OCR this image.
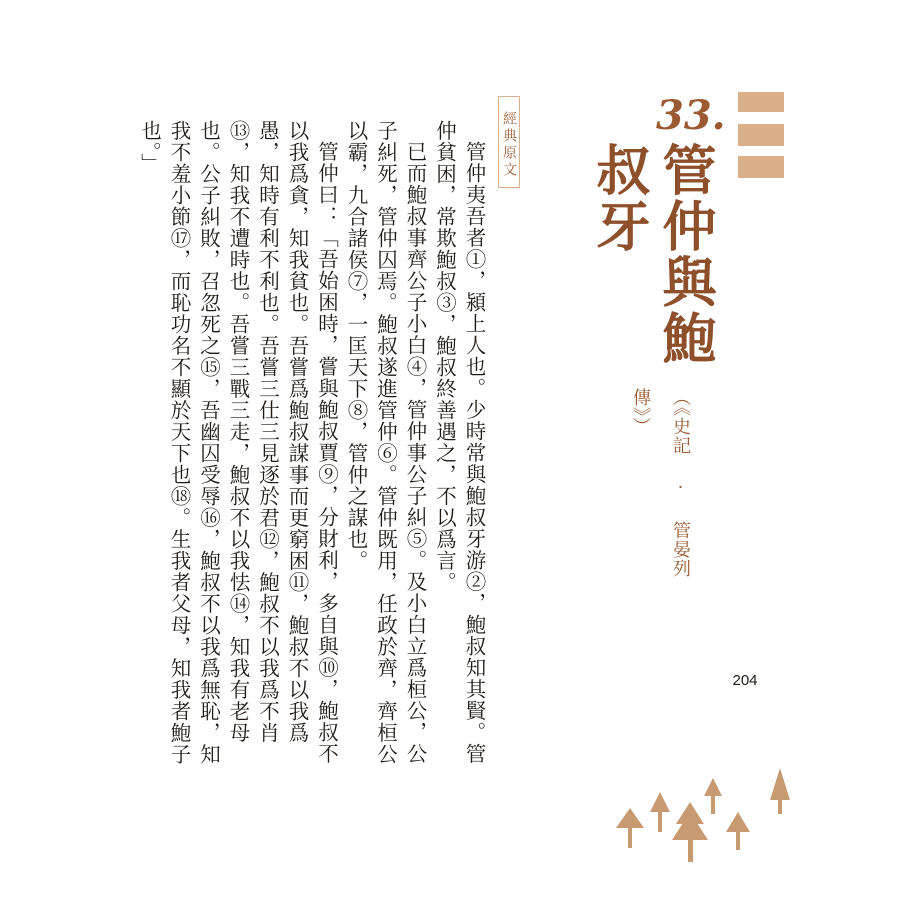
33.
管仲與鮑叔牙
（《史記 · 管晏列傳》）
204
經典原文

管仲夷吾者①，潁上人也。少時常與鮑叔牙游②，鮑叔知其賢。管仲貧困，常欺鮑叔③，鮑叔終善遇之，不以爲言。

已而鮑叔事齊公子小白④，管仲事公子糾⑤。及小白立爲桓公，公子糾死，管仲囚焉。鮑叔遂進管仲⑥。管仲既用，任政於齊，齊桓公以霸，九合諸侯⑦，一匡天下⑧，管仲之謀也。

管仲曰：「吾始困時，嘗與鮑叔賈⑨，分財利，多自與⑩，鮑叔不以我爲貪，知我貧也。吾嘗爲鮑叔謀事而更窮困⑪，鮑叔不以我爲愚，知時有利不利也。吾嘗三仕三見逐於君⑫，鮑叔不以我爲不肖⑬，知我不遭時也。吾嘗三戰三走，鮑叔不以我怯⑭，知我有老母也。公子糾敗，召忽死之⑮，吾幽囚受辱⑯，鮑叔不以我爲無恥，知我不羞小節⑰，而恥功名不顯於天下也⑱。生我者父母，知我者鮑子也。」
